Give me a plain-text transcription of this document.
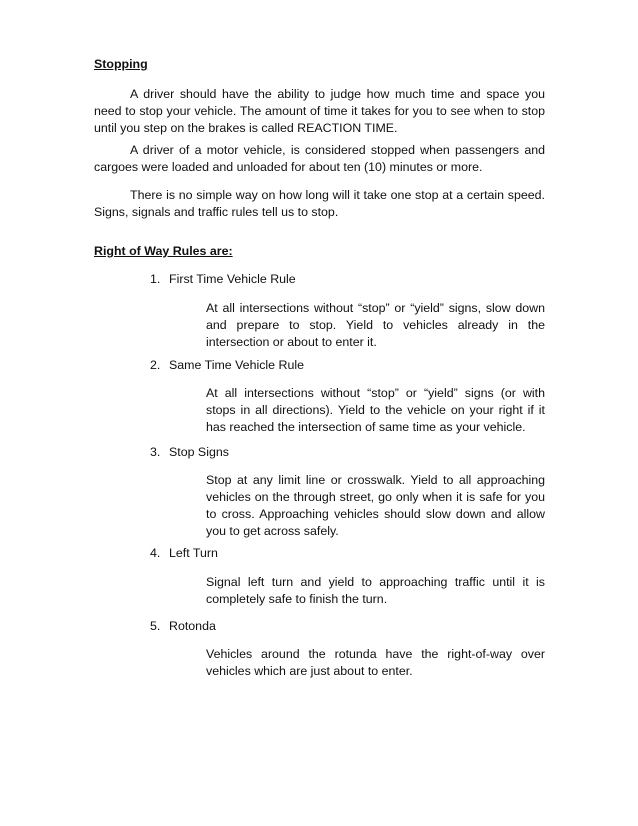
Stopping

A driver should have the ability to judge how much time and space you need to stop your vehicle. The amount of time it takes for you to see when to stop until you step on the brakes is called REACTION TIME.

A driver of a motor vehicle, is considered stopped when passengers and cargoes were loaded and unloaded for about ten (10) minutes or more.

There is no simple way on how long will it take one stop at a certain speed. Signs, signals and traffic rules tell us to stop.

Right of Way Rules are:
1. First Time Vehicle Rule

At all intersections without “stop” or “yield” signs, slow down and prepare to stop. Yield to vehicles already in the intersection or about to enter it.

2. Same Time Vehicle Rule

At all intersections without “stop” or “yield” signs (or with stops in all directions). Yield to the vehicle on your right if it has reached the intersection of same time as your vehicle.

3. Stop Signs

Stop at any limit line or crosswalk. Yield to all approaching vehicles on the through street, go only when it is safe for you to cross. Approaching vehicles should slow down and allow you to get across safely.

4. Left Turn

Signal left turn and yield to approaching traffic until it is completely safe to finish the turn.

5. Rotonda

Vehicles around the rotunda have the right-of-way over vehicles which are just about to enter.
